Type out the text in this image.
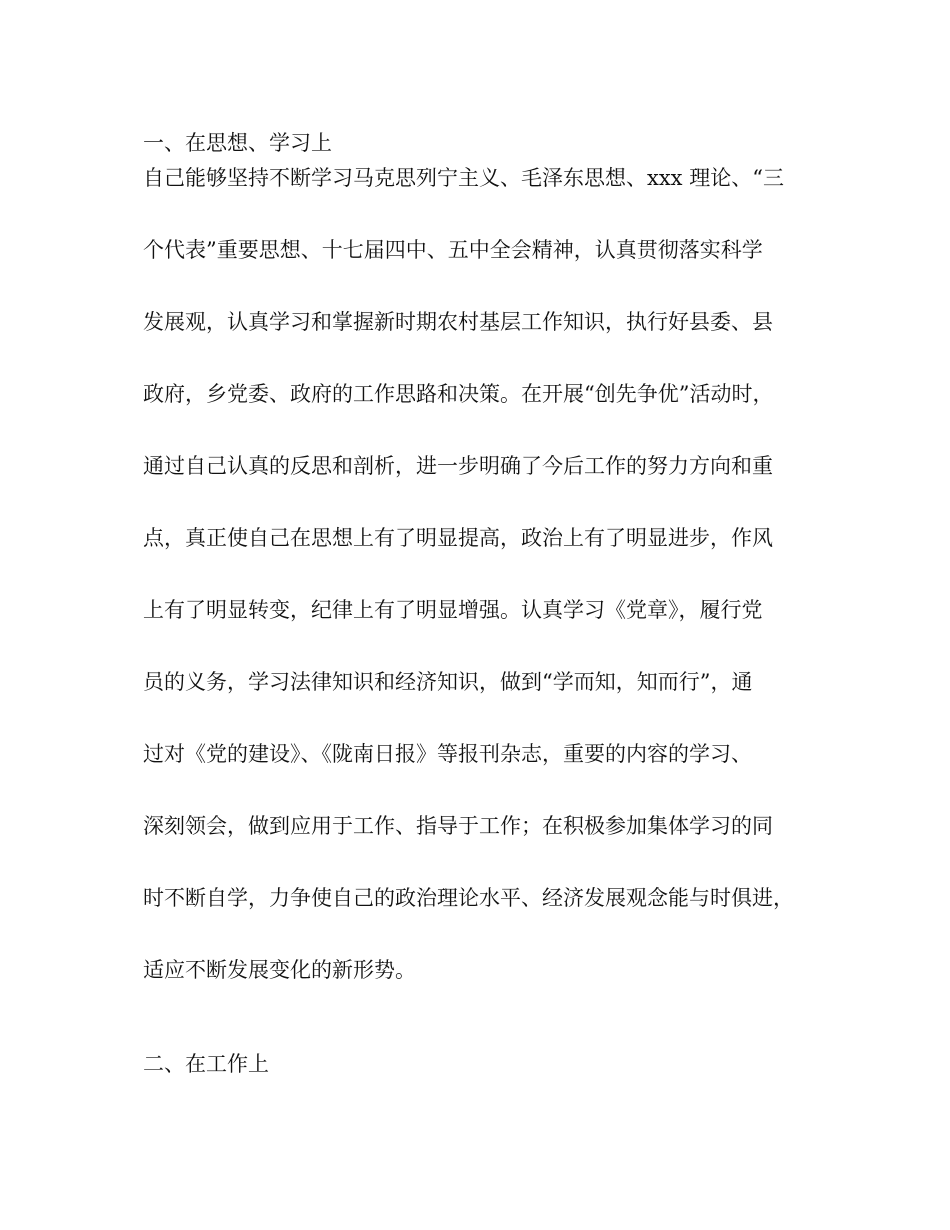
一、在思想、学习上
自己能够坚持不断学习马克思列宁主义、毛泽东思想、xxx 理论、“三
个代表”重要思想、十七届四中、五中全会精神，认真贯彻落实科学
发展观，认真学习和掌握新时期农村基层工作知识，执行好县委、县
政府，乡党委、政府的工作思路和决策。在开展“创先争优”活动时，
通过自己认真的反思和剖析，进一步明确了今后工作的努力方向和重
点，真正使自己在思想上有了明显提高，政治上有了明显进步，作风
上有了明显转变，纪律上有了明显增强。认真学习《党章》，履行党
员的义务，学习法律知识和经济知识，做到“学而知，知而行”，通
过对《党的建设》、《陇南日报》等报刊杂志，重要的内容的学习、
深刻领会，做到应用于工作、指导于工作；在积极参加集体学习的同
时不断自学，力争使自己的政治理论水平、经济发展观念能与时俱进，
适应不断发展变化的新形势。
二、在工作上
